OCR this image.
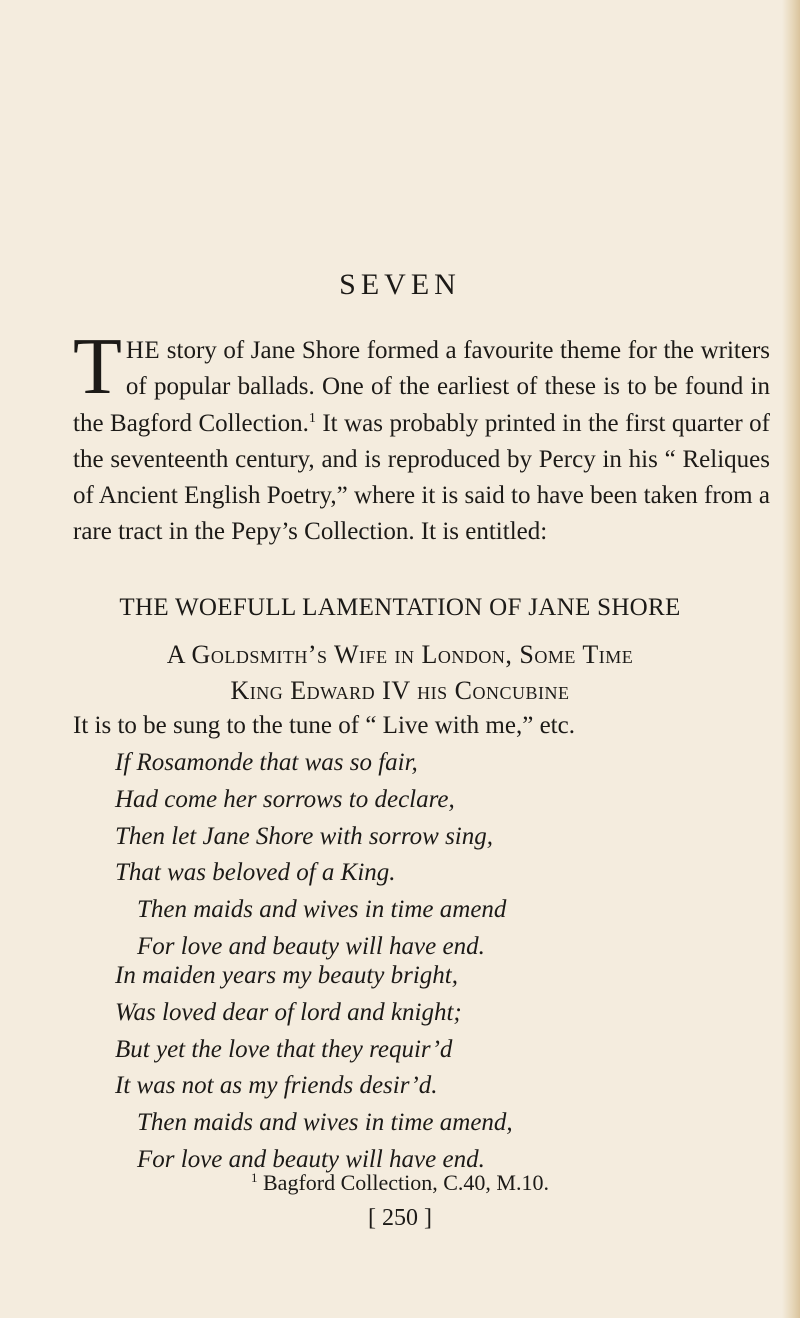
SEVEN
THE story of Jane Shore formed a favourite theme for the writers of popular ballads. One of the earliest of these is to be found in the Bagford Collection.$^1$ It was probably printed in the first quarter of the seventeenth century, and is reproduced by Percy in his “ Reliques of Ancient English Poetry,” where it is said to have been taken from a rare tract in the Pepy’s Collection. It is entitled:
THE WOEFULL LAMENTATION OF JANE SHORE
A Goldsmith’s Wife in London, Some Time
King Edward IV his Concubine
It is to be sung to the tune of “ Live with me,” etc.
If Rosamonde that was so fair,
Had come her sorrows to declare,
Then let Jane Shore with sorrow sing,
That was beloved of a King.
Then maids and wives in time amend
For love and beauty will have end.
In maiden years my beauty bright,
Was loved dear of lord and knight;
But yet the love that they requir’d
It was not as my friends desir’d.
Then maids and wives in time amend,
For love and beauty will have end.
$^1$ Bagford Collection, C.40, M.10.
[ 250 ]
